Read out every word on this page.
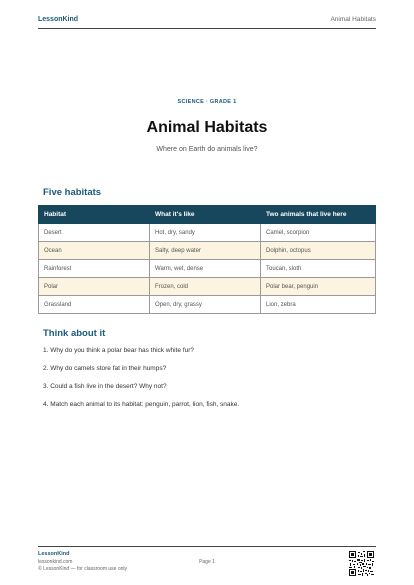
LessonKind	Animal Habitats
SCIENCE · GRADE 1
Animal Habitats
Where on Earth do animals live?
Five habitats
Habitat	What it's like	Two animals that live here
Desert	Hot, dry, sandy	Camel, scorpion
Ocean	Salty, deep water	Dolphin, octopus
Rainforest	Warm, wet, dense	Toucan, sloth
Polar	Frozen, cold	Polar bear, penguin
Grassland	Open, dry, grassy	Lion, zebra
Think about it
1. Why do you think a polar bear has thick white fur?
2. Why do camels store fat in their humps?
3. Could a fish live in the desert? Why not?
4. Match each animal to its habitat: penguin, parrot, lion, fish, snake.
LessonKind
lessonkind.com
© LessonKind — for classroom use only
Page 1
